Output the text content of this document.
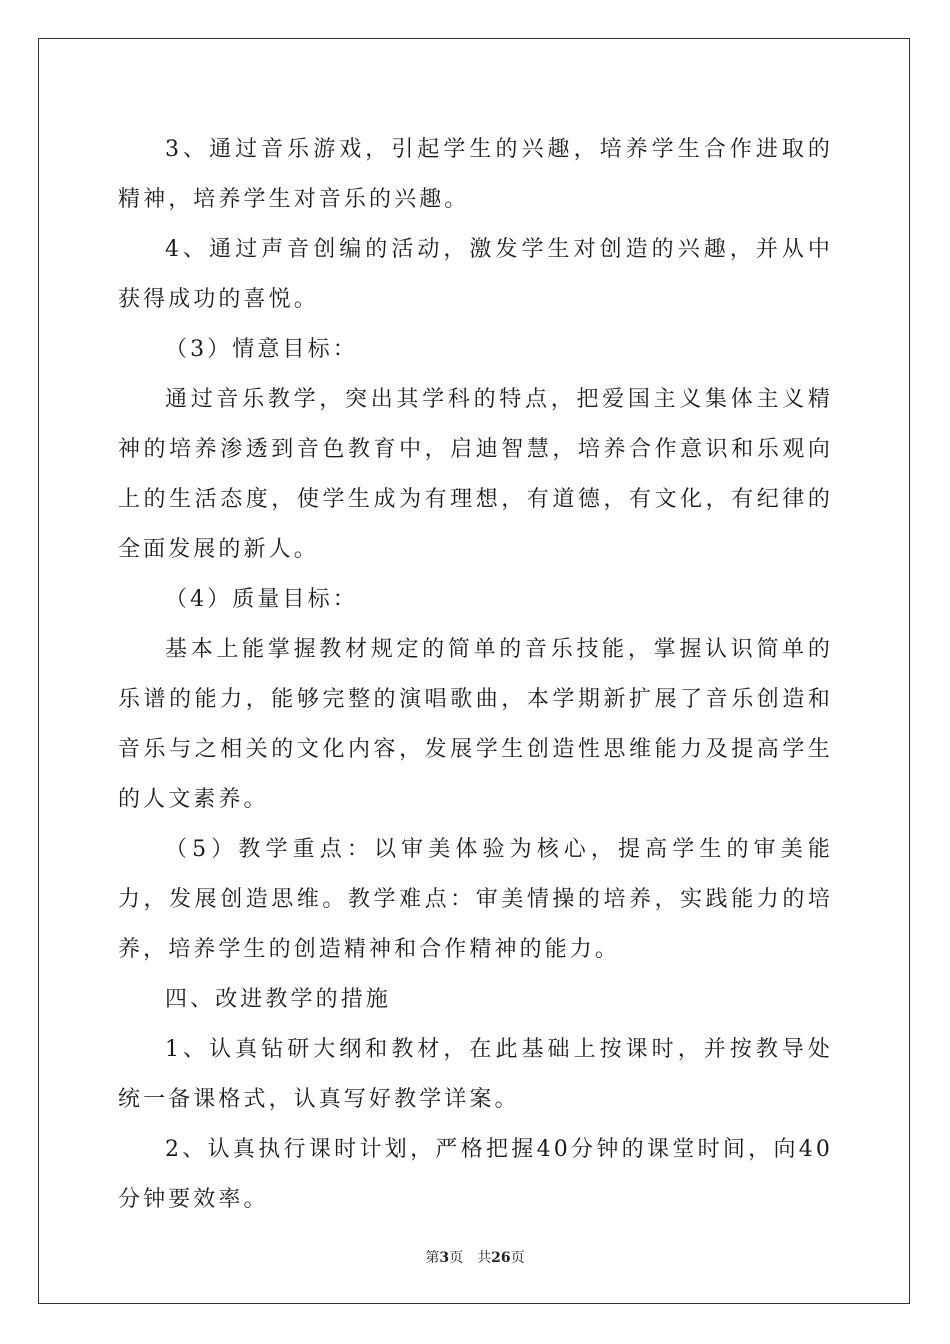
3、通过音乐游戏，引起学生的兴趣，培养学生合作进取的精神，培养学生对音乐的兴趣。

4、通过声音创编的活动，激发学生对创造的兴趣，并从中获得成功的喜悦。

（3）情意目标：

通过音乐教学，突出其学科的特点，把爱国主义集体主义精神的培养渗透到音色教育中，启迪智慧，培养合作意识和乐观向上的生活态度，使学生成为有理想，有道德，有文化，有纪律的全面发展的新人。

（4）质量目标：

基本上能掌握教材规定的简单的音乐技能，掌握认识简单的乐谱的能力，能够完整的演唱歌曲，本学期新扩展了音乐创造和音乐与之相关的文化内容，发展学生创造性思维能力及提高学生的人文素养。

（5）教学重点：以审美体验为核心，提高学生的审美能力，发展创造思维。教学难点：审美情操的培养，实践能力的培养，培养学生的创造精神和合作精神的能力。

四、改进教学的措施

1、认真钻研大纲和教材，在此基础上按课时，并按教导处统一备课格式，认真写好教学详案。

2、认真执行课时计划，严格把握40分钟的课堂时间，向40分钟要效率。

第3页 共26页
